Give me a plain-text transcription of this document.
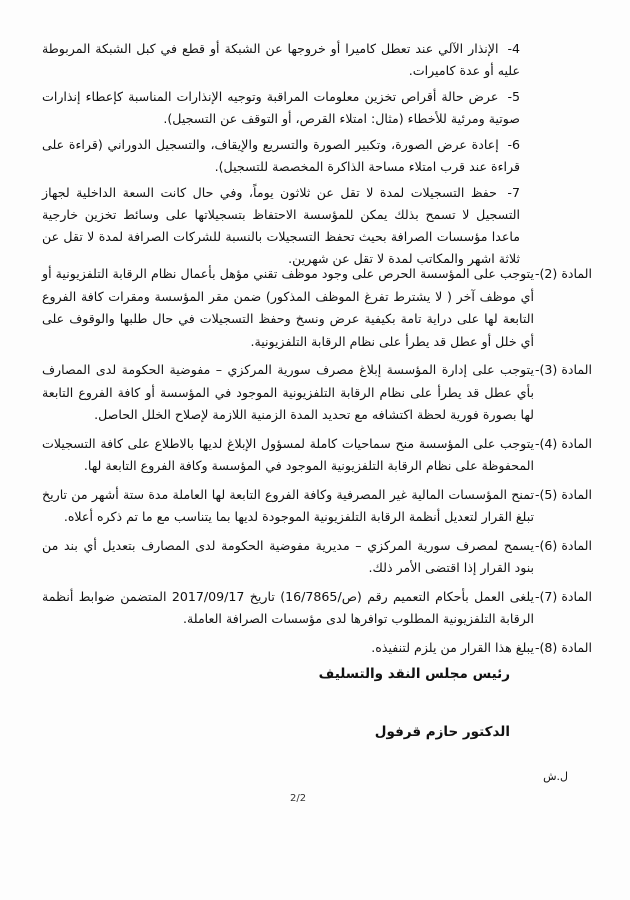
4- الإنذار الآلي عند تعطل كاميرا أو خروجها عن الشبكة أو قطع في كبل الشبكة المربوطة عليه أو عدة كاميرات.
5- عرض حالة أقراص تخزين معلومات المراقبة وتوجيه الإنذارات المناسبة كإعطاء إنذارات صوتية ومرئية للأخطاء (مثال: امتلاء القرص، أو التوقف عن التسجيل).
6- إعادة عرض الصورة، وتكبير الصورة والتسريع والإيقاف، والتسجيل الدوراني (قراءة على قراءة عند قرب امتلاء مساحة الذاكرة المخصصة للتسجيل).
7- حفظ التسجيلات لمدة لا تقل عن ثلاثون يوماً، وفي حال كانت السعة الداخلية لجهاز التسجيل لا تسمح بذلك يمكن للمؤسسة الاحتفاظ بتسجيلاتها على وسائط تخزين خارجية ماعدا مؤسسات الصرافة بحيث تحفظ التسجيلات بالنسبة للشركات الصرافة لمدة لا تقل عن ثلاثة اشهر والمكاتب لمدة لا تقل عن شهرين.
المادة (2)-
يتوجب على المؤسسة الحرص على وجود موظف تقني مؤهل بأعمال نظام الرقابة التلفزيونية أو أي موظف آخر ( لا يشترط تفرغ الموظف المذكور) ضمن مقر المؤسسة ومقرات كافة الفروع التابعة لها على دراية تامة بكيفية عرض ونسخ وحفظ التسجيلات في حال طلبها والوقوف على أي خلل أو عطل قد يطرأ على نظام الرقابة التلفزيونية.
المادة (3)-
يتوجب على إدارة المؤسسة إبلاغ مصرف سورية المركزي – مفوضية الحكومة لدى المصارف بأي عطل قد يطرأ على نظام الرقابة التلفزيونية الموجود في المؤسسة أو كافة الفروع التابعة لها بصورة فورية لحظة اكتشافه مع تحديد المدة الزمنية اللازمة لإصلاح الخلل الحاصل.
المادة (4)-
يتوجب على المؤسسة منح سماحيات كاملة لمسؤول الإبلاغ لديها بالاطلاع على كافة التسجيلات المحفوظة على نظام الرقابة التلفزيونية الموجود في المؤسسة وكافة الفروع التابعة لها.
المادة (5)-
تمنح المؤسسات المالية غير المصرفية وكافة الفروع التابعة لها العاملة مدة ستة أشهر من تاريخ تبلغ القرار لتعديل أنظمة الرقابة التلفزيونية الموجودة لديها بما يتناسب مع ما تم ذكره أعلاه.
المادة (6)-
يسمح لمصرف سورية المركزي – مديرية مفوضية الحكومة لدى المصارف بتعديل أي بند من بنود القرار إذا اقتضى الأمر ذلك.
المادة (7)-
يلغى العمل بأحكام التعميم رقم (ص/16/7865) تاريخ 2017/09/17 المتضمن ضوابط أنظمة الرقابة التلفزيونية المطلوب توافرها لدى مؤسسات الصرافة العاملة.
المادة (8)-
يبلغ هذا القرار من يلزم لتنفيذه.
رئيس مجلس النقد والتسليف
الدكتور حازم قرفول
ل.ش
2/2
